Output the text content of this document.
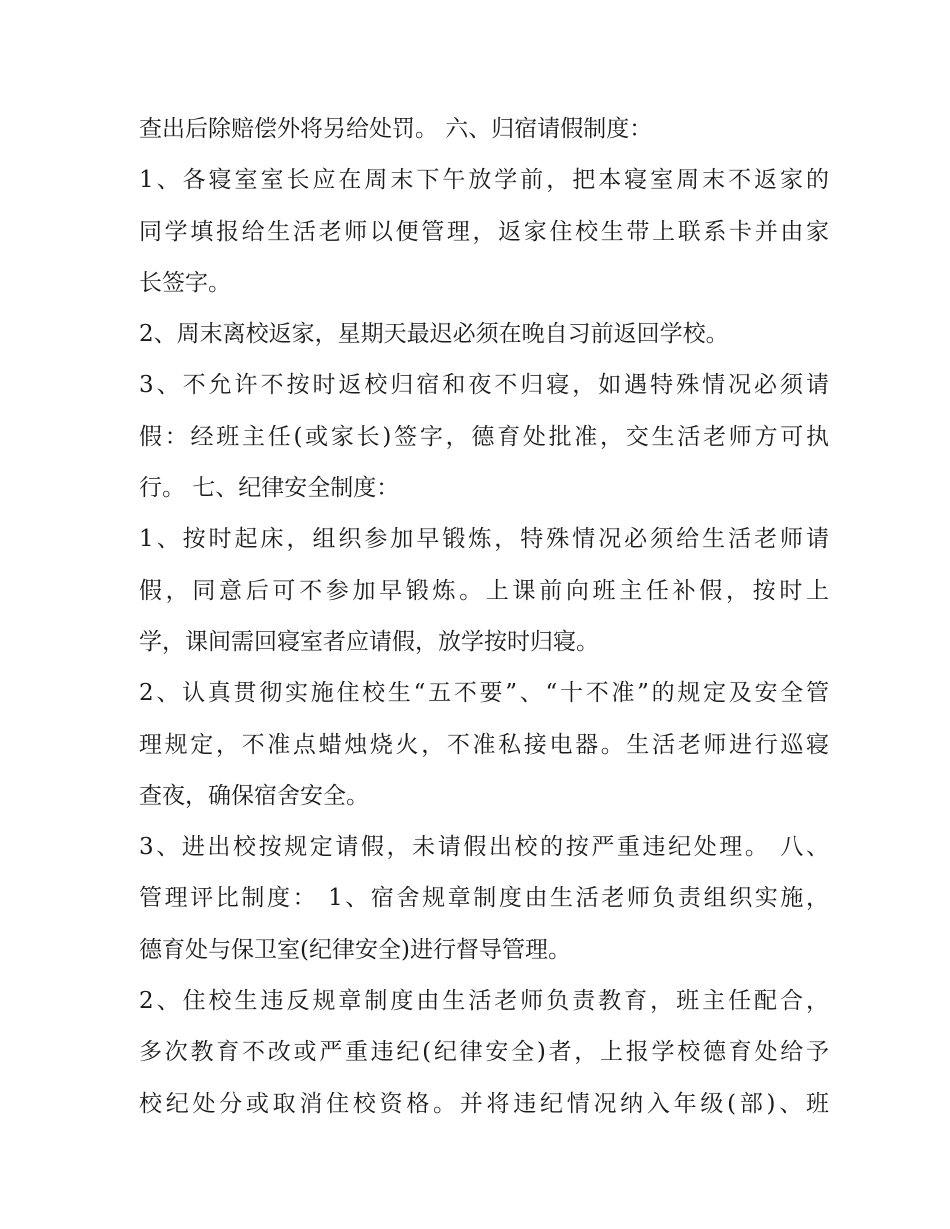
查出后除赔偿外将另给处罚。 六、归宿请假制度：
1、各寝室室长应在周末下午放学前，把本寝室周末不返家的
同学填报给生活老师以便管理，返家住校生带上联系卡并由家
长签字。
2、周末离校返家，星期天最迟必须在晚自习前返回学校。
3、不允许不按时返校归宿和夜不归寝，如遇特殊情况必须请
假：经班主任(或家长)签字，德育处批准，交生活老师方可执
行。 七、纪律安全制度：
1、按时起床，组织参加早锻炼，特殊情况必须给生活老师请
假，同意后可不参加早锻炼。上课前向班主任补假，按时上
学，课间需回寝室者应请假，放学按时归寝。
2、认真贯彻实施住校生“五不要”、“十不准”的规定及安全管
理规定，不准点蜡烛烧火，不准私接电器。生活老师进行巡寝
查夜，确保宿舍安全。
3、进出校按规定请假，未请假出校的按严重违纪处理。 八、
管理评比制度： 1、宿舍规章制度由生活老师负责组织实施，
德育处与保卫室(纪律安全)进行督导管理。
2、住校生违反规章制度由生活老师负责教育，班主任配合，
多次教育不改或严重违纪(纪律安全)者，上报学校德育处给予
校纪处分或取消住校资格。并将违纪情况纳入年级(部)、班
